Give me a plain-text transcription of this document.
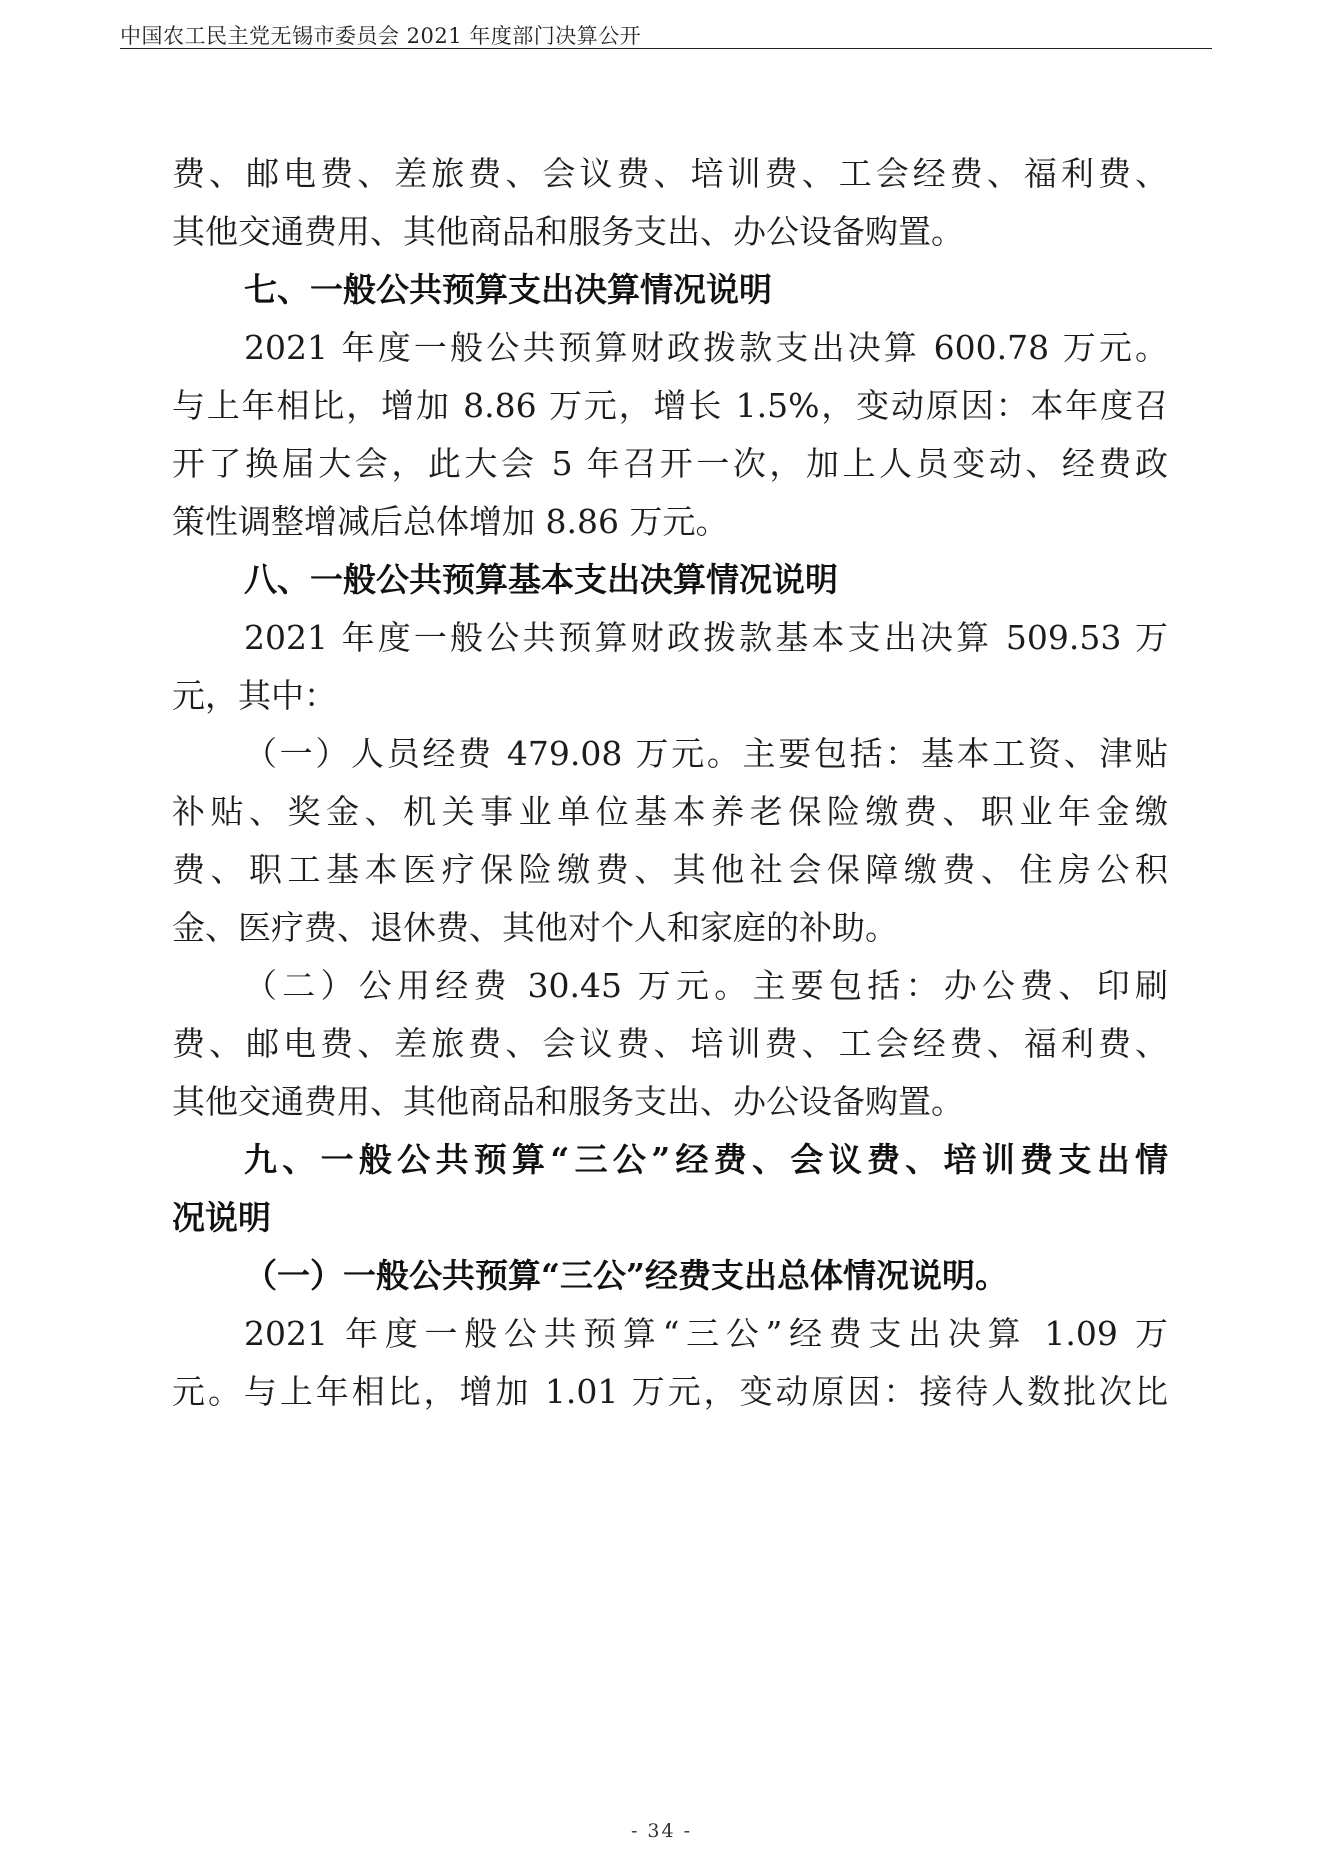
中国农工民主党无锡市委员会 2021 年度部门决算公开
费、邮电费、差旅费、会议费、培训费、工会经费、福利费、
其他交通费用、其他商品和服务支出、办公设备购置。
七、一般公共预算支出决算情况说明
2021 年度一般公共预算财政拨款支出决算 600.78 万元。
与上年相比，增加 8.86 万元，增长 1.5%，变动原因：本年度召
开了换届大会，此大会 5 年召开一次，加上人员变动、经费政
策性调整增减后总体增加 8.86 万元。
八、一般公共预算基本支出决算情况说明
2021 年度一般公共预算财政拨款基本支出决算 509.53 万
元，其中：
（一）人员经费 479.08 万元。主要包括：基本工资、津贴
补贴、奖金、机关事业单位基本养老保险缴费、职业年金缴
费、职工基本医疗保险缴费、其他社会保障缴费、住房公积
金、医疗费、退休费、其他对个人和家庭的补助。
（二）公用经费 30.45 万元。主要包括：办公费、印刷
费、邮电费、差旅费、会议费、培训费、工会经费、福利费、
其他交通费用、其他商品和服务支出、办公设备购置。
九、一般公共预算“三公”经费、会议费、培训费支出情
况说明
（一）一般公共预算“三公”经费支出总体情况说明。
2021 年度一般公共预算“三公”经费支出决算 1.09 万
元。与上年相比，增加 1.01 万元，变动原因：接待人数批次比
- 34 -
